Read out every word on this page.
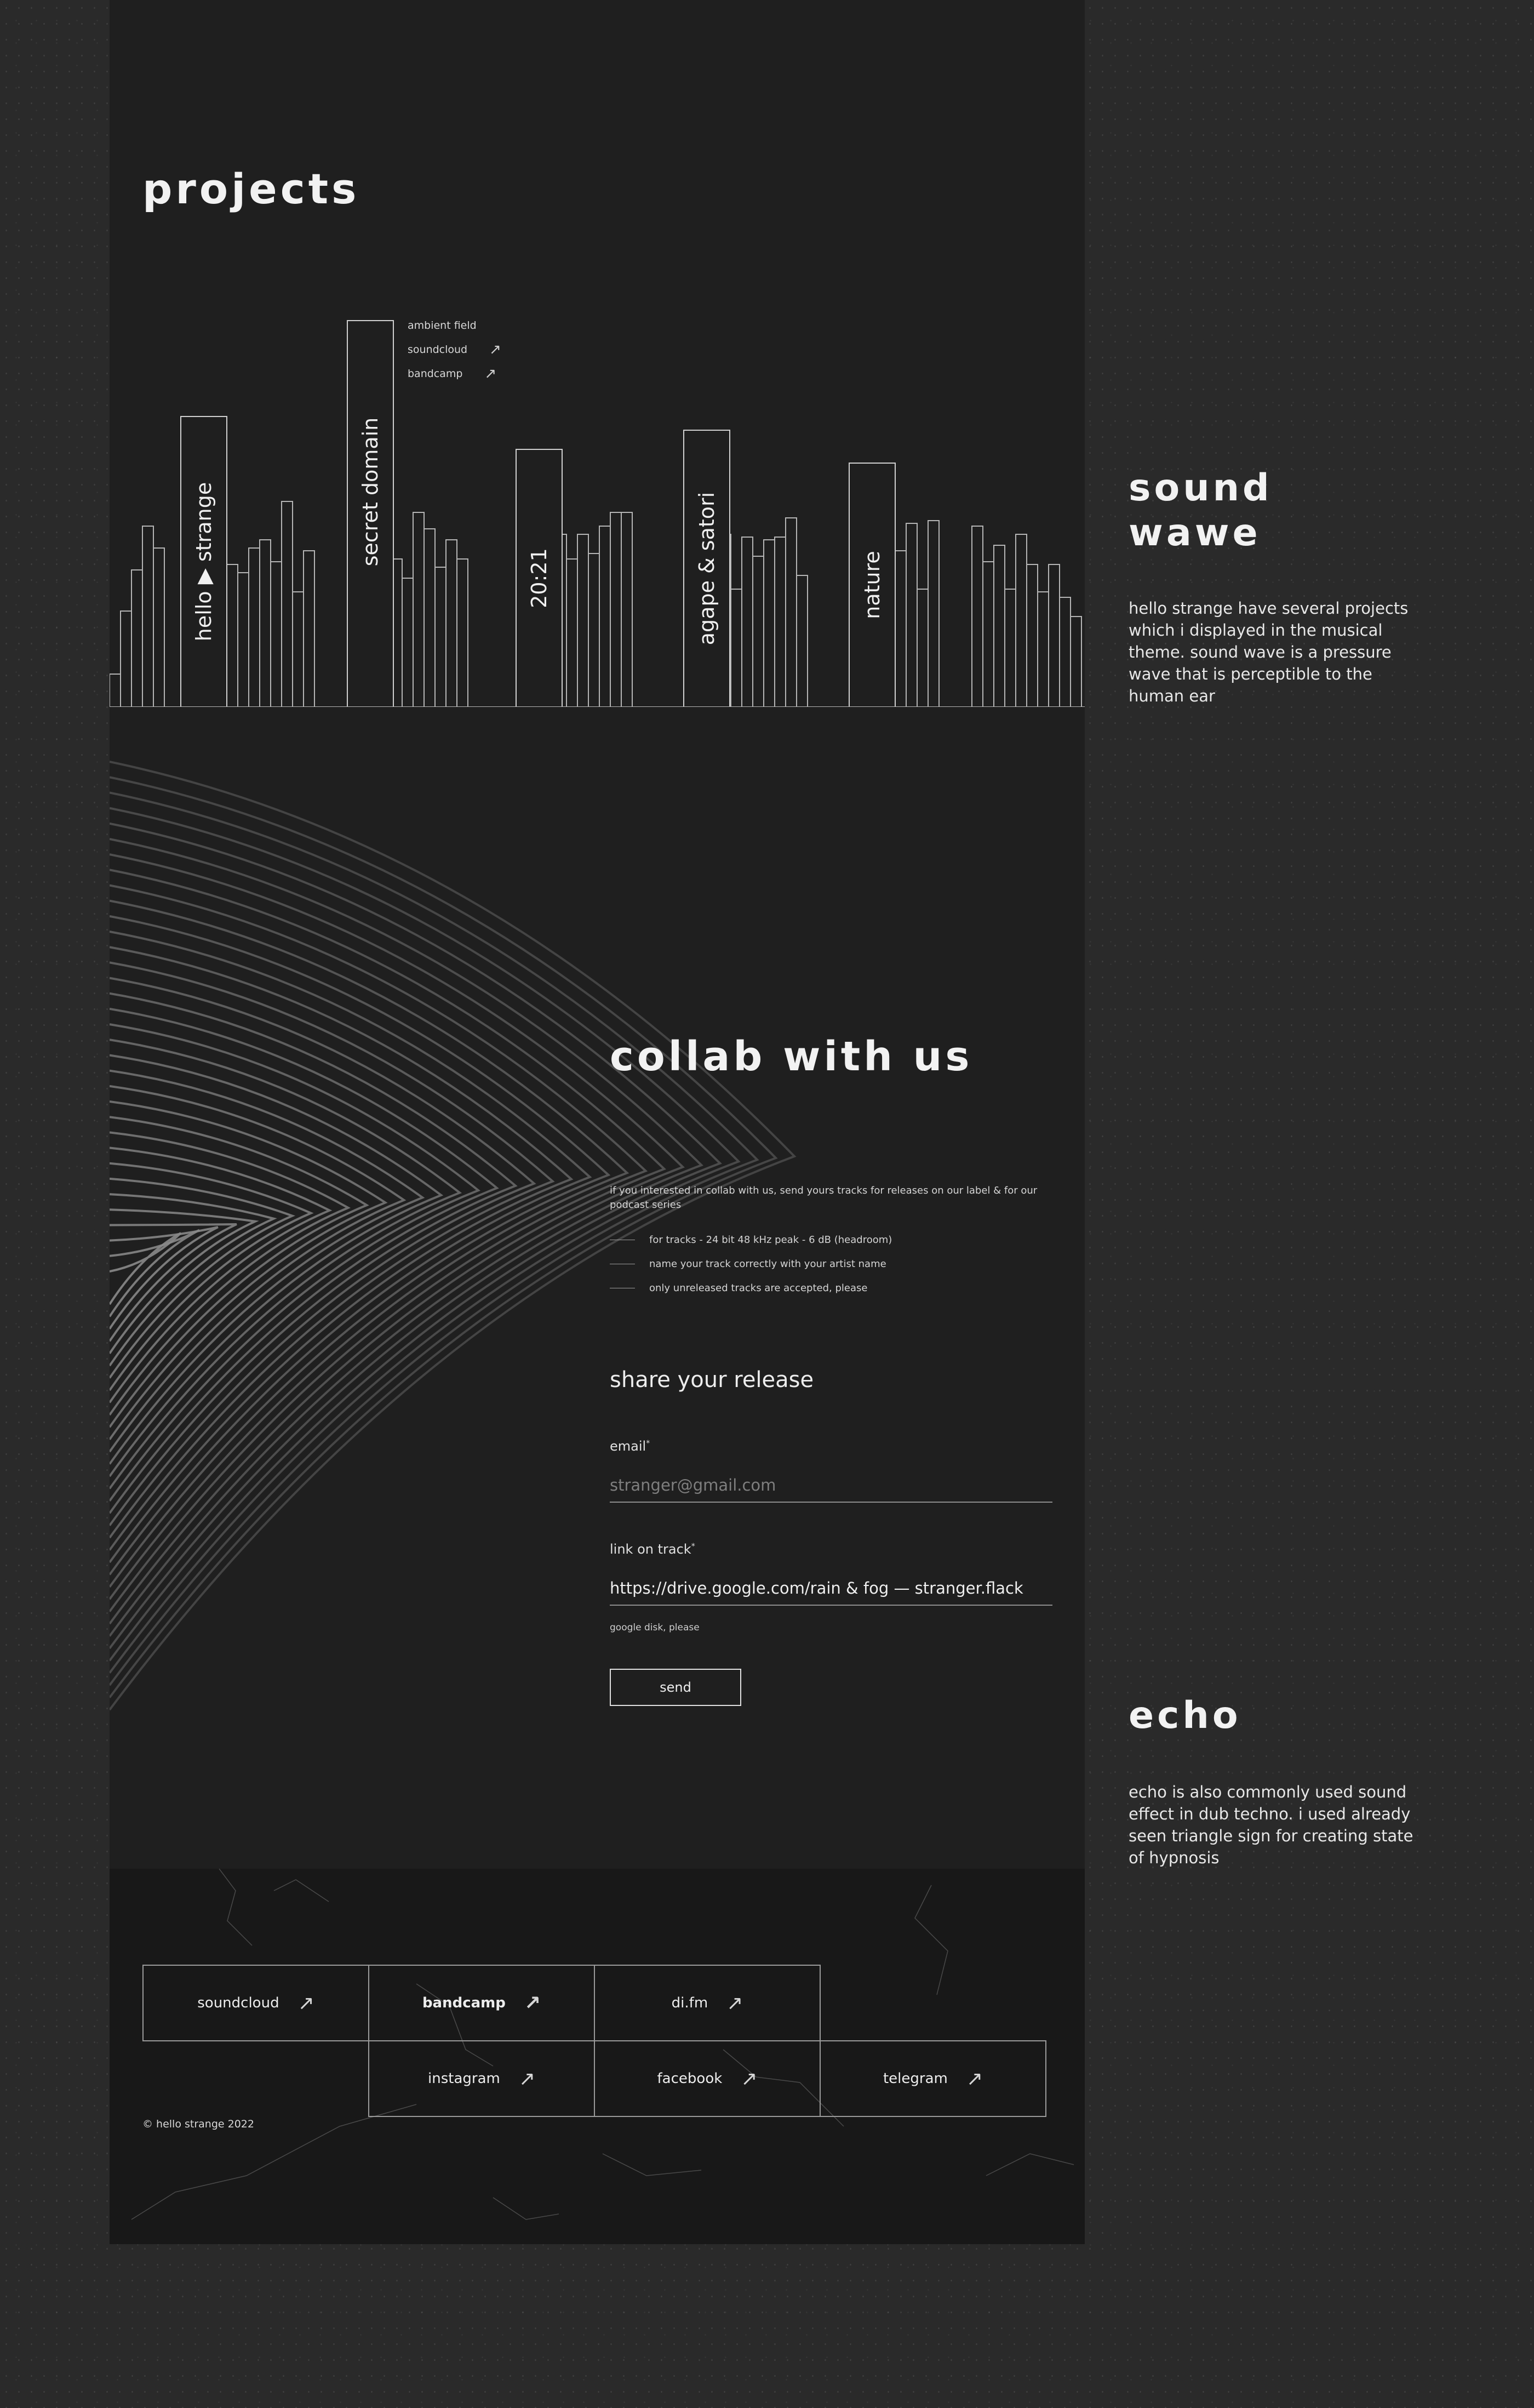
projects
hello ▶ strange	secret domain
20:21	agape & satori	nature
ambient field
soundcloud ↗
bandcamp ↗
collab with us
if you interested in collab with us, send yours tracks for releases on our label & for our podcast series
for tracks - 24 bit 48 kHz peak - 6 dB (headroom)
name your track correctly with your artist name
only unreleased tracks are accepted, please
share your release
email*
stranger@gmail.com
link on track*
https://drive.google.com/rain & fog — stranger.flack
google disk, please
send
soundcloud ↗	bandcamp ↗	di.fm ↗
instagram ↗	facebook ↗	telegram ↗
© hello strange 2022
sound
wawe
hello strange have several projects which i displayed in the musical theme. sound wave is a pressure wave that is perceptible to the human ear
echo
echo is also commonly used sound effect in dub techno. i used already seen triangle sign for creating state of hypnosis
